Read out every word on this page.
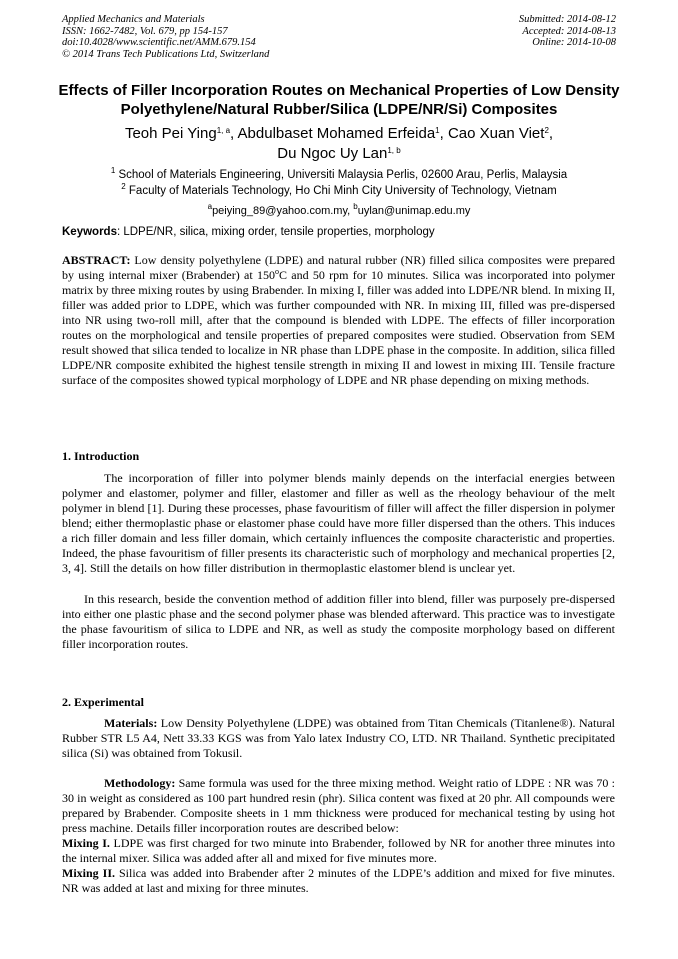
Applied Mechanics and Materials
ISSN: 1662-7482, Vol. 679, pp 154-157
doi:10.4028/www.scientific.net/AMM.679.154
© 2014 Trans Tech Publications Ltd, Switzerland
Submitted: 2014-08-12
Accepted: 2014-08-13
Online: 2014-10-08
Effects of Filler Incorporation Routes on Mechanical Properties of Low Density Polyethylene/Natural Rubber/Silica (LDPE/NR/Si) Composites
Teoh Pei Ying$^{1, a}$, Abdulbaset Mohamed Erfeida$^1$, Cao Xuan Viet$^2$,
Du Ngoc Uy Lan$^{1, b}$
$^1$ School of Materials Engineering, Universiti Malaysia Perlis, 02600 Arau, Perlis, Malaysia
$^2$ Faculty of Materials Technology, Ho Chi Minh City University of Technology, Vietnam
$^a$peiying_89@yahoo.com.my, $^b$uylan@unimap.edu.my
Keywords: LDPE/NR, silica, mixing order, tensile properties, morphology

ABSTRACT: Low density polyethylene (LDPE) and natural rubber (NR) filled silica composites were prepared by using internal mixer (Brabender) at 150$^o$C and 50 rpm for 10 minutes. Silica was incorporated into polymer matrix by three mixing routes by using Brabender. In mixing I, filler was added into LDPE/NR blend. In mixing II, filler was added prior to LDPE, which was further compounded with NR. In mixing III, filled was pre-dispersed into NR using two-roll mill, after that the compound is blended with LDPE. The effects of filler incorporation routes on the morphological and tensile properties of prepared composites were studied. Observation from SEM result showed that silica tended to localize in NR phase than LDPE phase in the composite. In addition, silica filled LDPE/NR composite exhibited the highest tensile strength in mixing II and lowest in mixing III. Tensile fracture surface of the composites showed typical morphology of LDPE and NR phase depending on mixing methods.

1. Introduction

The incorporation of filler into polymer blends mainly depends on the interfacial energies between polymer and elastomer, polymer and filler, elastomer and filler as well as the rheology behaviour of the melt polymer in blend [1]. During these processes, phase favouritism of filler will affect the filler dispersion in polymer blend; either thermoplastic phase or elastomer phase could have more filler dispersed than the others. This induces a rich filler domain and less filler domain, which certainly influences the composite characteristic and properties. Indeed, the phase favouritism of filler presents its characteristic such of morphology and mechanical properties [2, 3, 4]. Still the details on how filler distribution in thermoplastic elastomer blend is unclear yet.

In this research, beside the convention method of addition filler into blend, filler was purposely pre-dispersed into either one plastic phase and the second polymer phase was blended afterward. This practice was to investigate the phase favouritism of silica to LDPE and NR, as well as study the composite morphology based on different filler incorporation routes.

2. Experimental

Materials: Low Density Polyethylene (LDPE) was obtained from Titan Chemicals (Titanlene®). Natural Rubber STR L5 A4, Nett 33.33 KGS was from Yalo latex Industry CO, LTD. NR Thailand. Synthetic precipitated silica (Si) was obtained from Tokusil.

Methodology: Same formula was used for the three mixing method. Weight ratio of LDPE : NR was 70 : 30 in weight as considered as 100 part hundred resin (phr). Silica content was fixed at 20 phr. All compounds were prepared by Brabender. Composite sheets in 1 mm thickness were produced for mechanical testing by using hot press machine. Details filler incorporation routes are described below:

Mixing I. LDPE was first charged for two minute into Brabender, followed by NR for another three minutes into the internal mixer. Silica was added after all and mixed for five minutes more.

Mixing II. Silica was added into Brabender after 2 minutes of the LDPE’s addition and mixed for five minutes. NR was added at last and mixing for three minutes.
